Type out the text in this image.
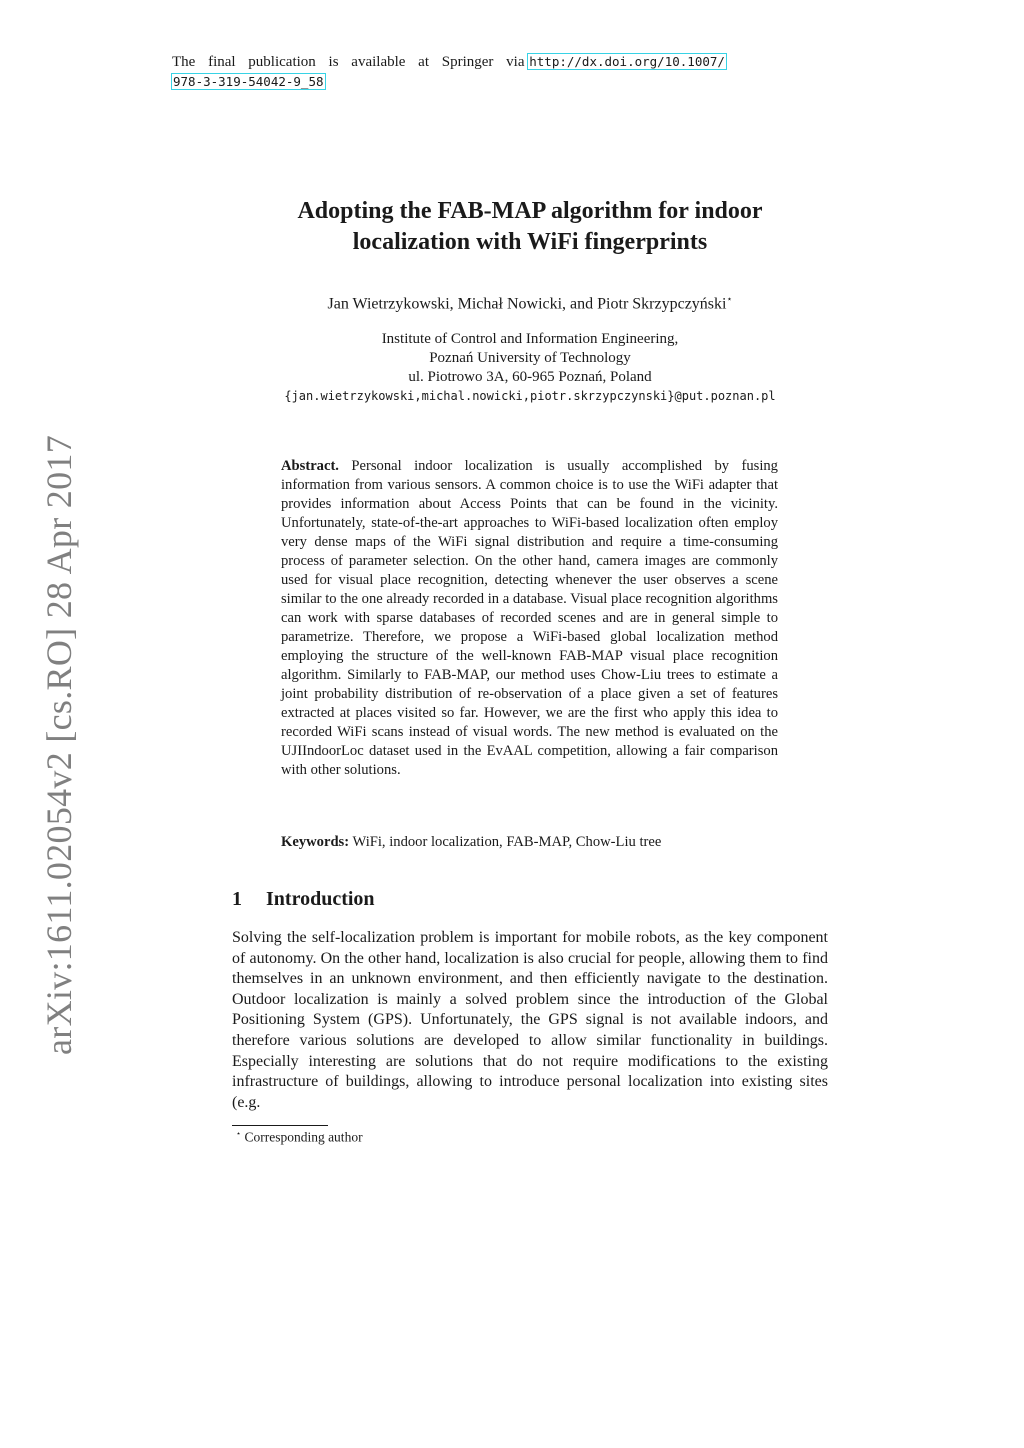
The final publication is available at Springer via http://dx.doi.org/10.1007/
978-3-319-54042-9_58
arXiv:1611.02054v2 [cs.RO] 28 Apr 2017
Adopting the FAB-MAP algorithm for indoor
localization with WiFi fingerprints
Jan Wietrzykowski, Michał Nowicki, and Piotr Skrzypczyński⋆
Institute of Control and Information Engineering,
Poznań University of Technology
ul. Piotrowo 3A, 60-965 Poznań, Poland
{jan.wietrzykowski,michal.nowicki,piotr.skrzypczynski}@put.poznan.pl
Abstract. Personal indoor localization is usually accomplished by fusing information from various sensors. A common choice is to use the WiFi adapter that provides information about Access Points that can be found in the vicinity. Unfortunately, state-of-the-art approaches to WiFi-based localization often employ very dense maps of the WiFi signal distribution and require a time-consuming process of parameter selection. On the other hand, camera images are commonly used for visual place recognition, detecting whenever the user observes a scene similar to the one already recorded in a database. Visual place recognition algorithms can work with sparse databases of recorded scenes and are in general simple to parametrize. Therefore, we propose a WiFi-based global localization method employing the structure of the well-known FAB-MAP visual place recognition algorithm. Similarly to FAB-MAP, our method uses Chow-Liu trees to estimate a joint probability distribution of re-observation of a place given a set of features extracted at places visited so far. However, we are the first who apply this idea to recorded WiFi scans instead of visual words. The new method is evaluated on the UJIIndoorLoc dataset used in the EvAAL competition, allowing a fair comparison with other solutions.
Keywords: WiFi, indoor localization, FAB-MAP, Chow-Liu tree
1 Introduction
Solving the self-localization problem is important for mobile robots, as the key component of autonomy. On the other hand, localization is also crucial for people, allowing them to find themselves in an unknown environment, and then efficiently navigate to the destination. Outdoor localization is mainly a solved problem since the introduction of the Global Positioning System (GPS). Unfortunately, the GPS signal is not available indoors, and therefore various solutions are developed to allow similar functionality in buildings. Especially interesting are solutions that do not require modifications to the existing infrastructure of buildings, allowing to introduce personal localization into existing sites (e.g.
⋆ Corresponding author
